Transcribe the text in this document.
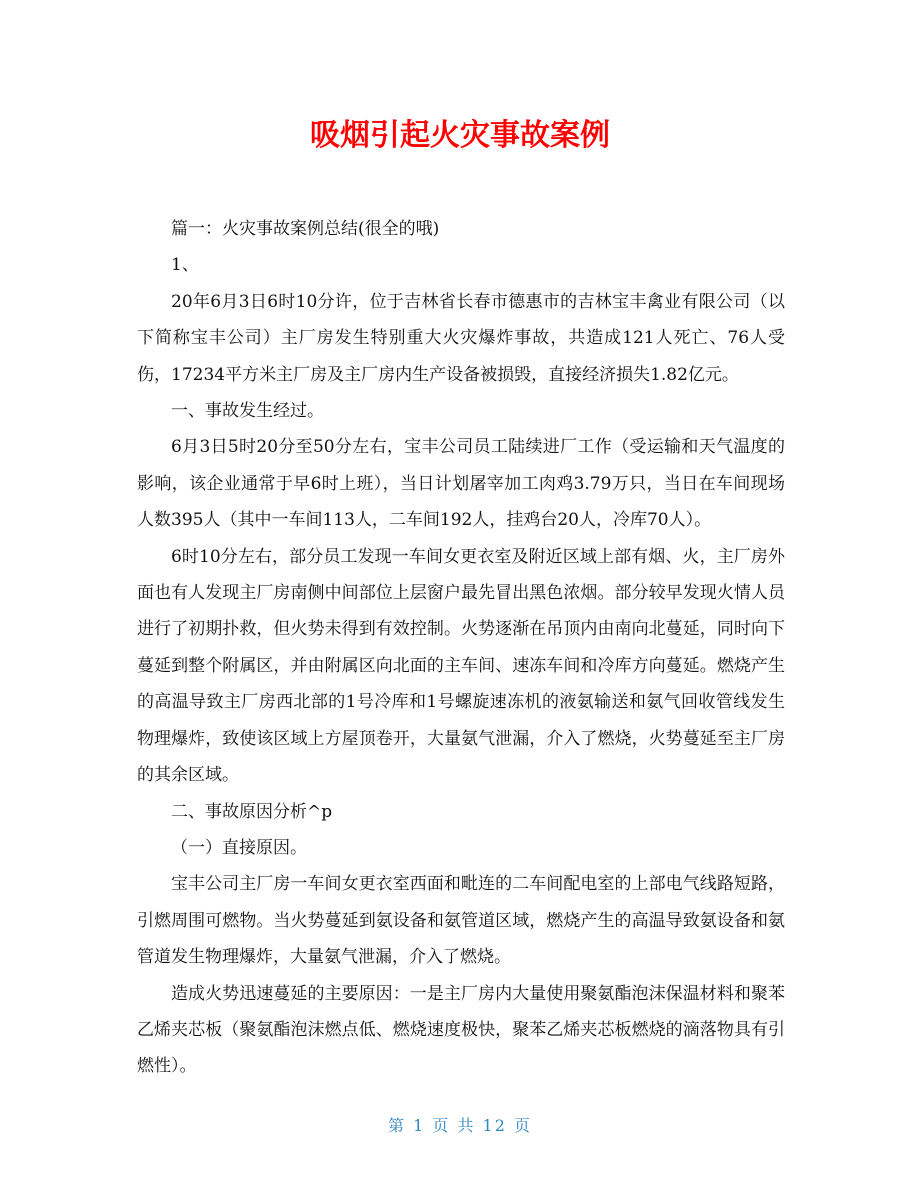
吸烟引起火灾事故案例

篇一：火灾事故案例总结(很全的哦)

1、

20年6月3日6时10分许，位于吉林省长春市德惠市的吉林宝丰禽业有限公司（以下简称宝丰公司）主厂房发生特别重大火灾爆炸事故，共造成121人死亡、76人受伤，17234平方米主厂房及主厂房内生产设备被损毁，直接经济损失1.82亿元。

一、事故发生经过。

6月3日5时20分至50分左右，宝丰公司员工陆续进厂工作（受运输和天气温度的影响，该企业通常于早6时上班），当日计划屠宰加工肉鸡3.79万只，当日在车间现场人数395人（其中一车间113人，二车间192人，挂鸡台20人，冷库70人）。

6时10分左右，部分员工发现一车间女更衣室及附近区域上部有烟、火，主厂房外面也有人发现主厂房南侧中间部位上层窗户最先冒出黑色浓烟。部分较早发现火情人员进行了初期扑救，但火势未得到有效控制。火势逐渐在吊顶内由南向北蔓延，同时向下蔓延到整个附属区，并由附属区向北面的主车间、速冻车间和冷库方向蔓延。燃烧产生的高温导致主厂房西北部的1号冷库和1号螺旋速冻机的液氨输送和氨气回收管线发生物理爆炸，致使该区域上方屋顶卷开，大量氨气泄漏，介入了燃烧，火势蔓延至主厂房的其余区域。

二、事故原因分析^p

（一）直接原因。

宝丰公司主厂房一车间女更衣室西面和毗连的二车间配电室的上部电气线路短路，引燃周围可燃物。当火势蔓延到氨设备和氨管道区域，燃烧产生的高温导致氨设备和氨管道发生物理爆炸，大量氨气泄漏，介入了燃烧。

造成火势迅速蔓延的主要原因：一是主厂房内大量使用聚氨酯泡沫保温材料和聚苯乙烯夹芯板（聚氨酯泡沫燃点低、燃烧速度极快，聚苯乙烯夹芯板燃烧的滴落物具有引燃性）。

第 1 页 共 12 页
